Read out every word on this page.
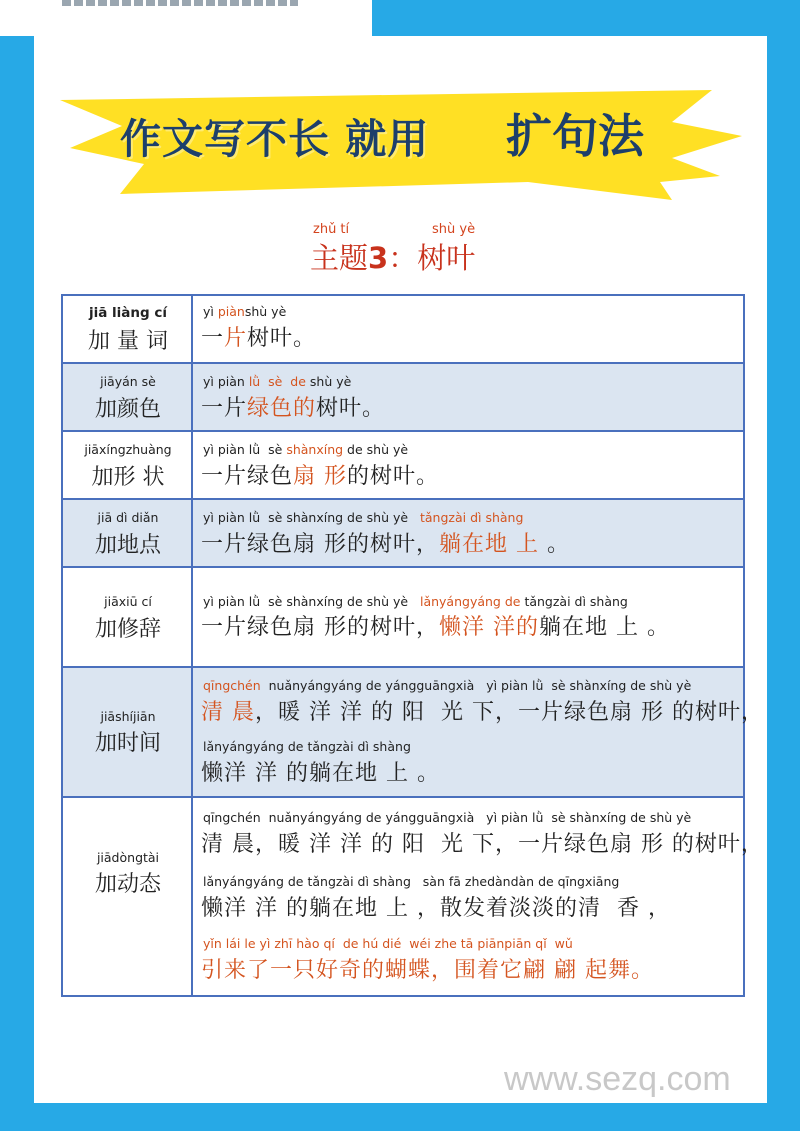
作文写不长 就用 扩句法
zhǔ tí	shù yè
主题3：树叶
jiā liàng cí
加 量 词
yì piànshù yè
一片树叶。
jiāyán sè
加颜色
yì piàn lǜ  sè  de shù yè
一片绿色的树叶。
jiāxíngzhuàng
加形 状
yì piàn lǜ  sè shànxíng de shù yè
一片绿色扇 形的树叶。
jiā dì diǎn
加地点
yì piàn lǜ  sè shànxíng de shù yè   tǎngzài dì shàng
一片绿色扇 形的树叶，躺在地 上 。
jiāxiū cí
加修辞
yì piàn lǜ  sè shànxíng de shù yè   lǎnyángyáng de tǎngzài dì shàng
一片绿色扇 形的树叶，懒洋 洋的躺在地 上 。
jiāshíjiān
加时间
qīngchén  nuǎnyángyáng de yángguāngxià   yì piàn lǜ  sè shànxíng de shù yè
清 晨，暖 洋 洋 的 阳  光 下，一片绿色扇 形 的树叶，
lǎnyángyáng de tǎngzài dì shàng
懒洋 洋 的躺在地 上 。
jiādòngtài
加动态
qīngchén  nuǎnyángyáng de yángguāngxià   yì piàn lǜ  sè shànxíng de shù yè
清 晨，暖 洋 洋 的 阳  光 下，一片绿色扇 形 的树叶，
lǎnyángyáng de tǎngzài dì shàng   sàn fā zhedàndàn de qīngxiāng
懒洋 洋 的躺在地 上 ，散发着淡淡的清  香 ，
yǐn lái le yì zhī hào qí  de hú dié  wéi zhe tā piānpiān qǐ  wǔ
引来了一只好奇的蝴蝶，围着它翩 翩 起舞。
www.sezq.com
